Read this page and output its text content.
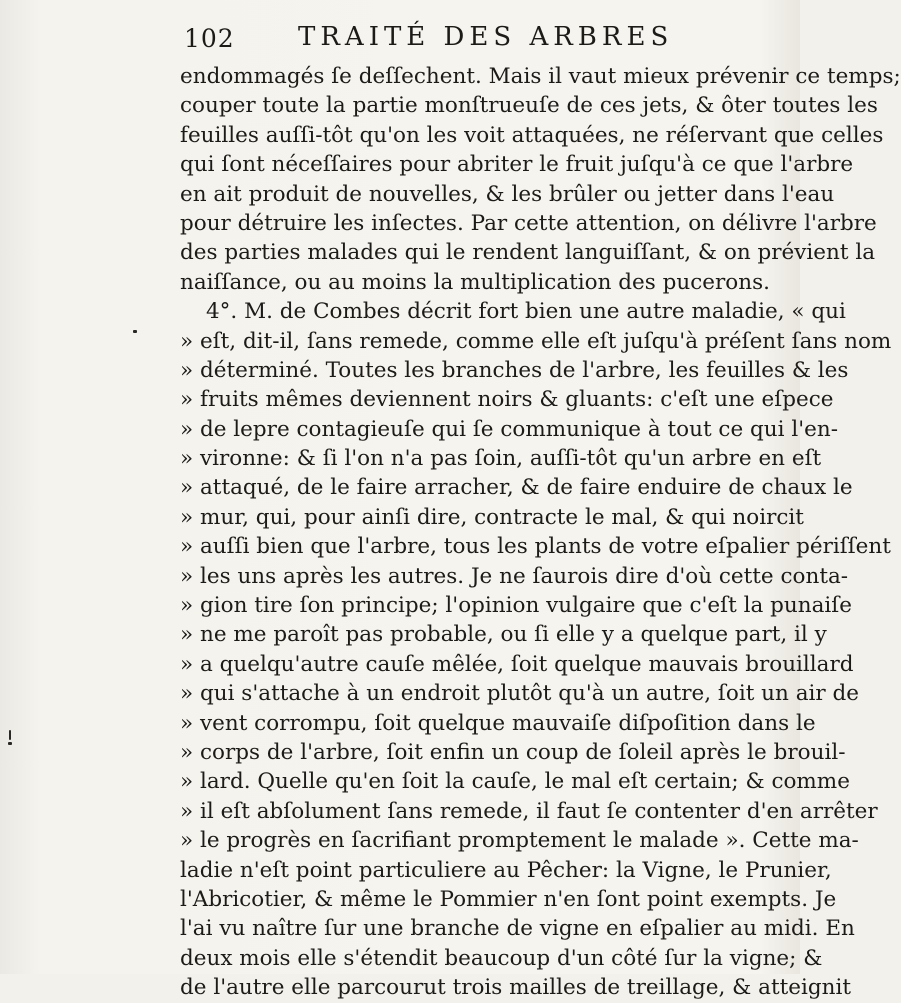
102 TRAITÉ DES ARBRES
endommagés ſe deſſechent. Mais il vaut mieux prévenir ce temps;
couper toute la partie monſtrueuſe de ces jets, & ôter toutes les
feuilles auſſi-tôt qu'on les voit attaquées, ne réſervant que celles
qui ſont néceſſaires pour abriter le fruit juſqu'à ce que l'arbre
en ait produit de nouvelles, & les brûler ou jetter dans l'eau
pour détruire les inſectes. Par cette attention, on délivre l'arbre
des parties malades qui le rendent languiſſant, & on prévient la
naiſſance, ou au moins la multiplication des pucerons.
4°. M. de Combes décrit fort bien une autre maladie, « qui
» eſt, dit-il, ſans remede, comme elle eſt juſqu'à préſent ſans nom
» déterminé. Toutes les branches de l'arbre, les feuilles & les
» fruits mêmes deviennent noirs & gluants: c'eſt une eſpece
» de lepre contagieuſe qui ſe communique à tout ce qui l'en-
» vironne: & ſi l'on n'a pas ſoin, auſſi-tôt qu'un arbre en eſt
» attaqué, de le faire arracher, & de faire enduire de chaux le
» mur, qui, pour ainſi dire, contracte le mal, & qui noircit
» auſſi bien que l'arbre, tous les plants de votre eſpalier périſſent
» les uns après les autres. Je ne ſaurois dire d'où cette conta-
» gion tire ſon principe; l'opinion vulgaire que c'eſt la punaiſe
» ne me paroît pas probable, ou ſi elle y a quelque part, il y
» a quelqu'autre cauſe mêlée, ſoit quelque mauvais brouillard
» qui s'attache à un endroit plutôt qu'à un autre, ſoit un air de
» vent corrompu, ſoit quelque mauvaiſe diſpoſition dans le
» corps de l'arbre, ſoit enfin un coup de ſoleil après le brouil-
» lard. Quelle qu'en ſoit la cauſe, le mal eſt certain; & comme
» il eſt abſolument ſans remede, il faut ſe contenter d'en arrêter
» le progrès en ſacrifiant promptement le malade ». Cette ma-
ladie n'eſt point particuliere au Pêcher: la Vigne, le Prunier,
l'Abricotier, & même le Pommier n'en ſont point exempts. Je
l'ai vu naître ſur une branche de vigne en eſpalier au midi. En
deux mois elle s'étendit beaucoup d'un côté ſur la vigne; &
de l'autre elle parcourut trois mailles de treillage, & atteignit
